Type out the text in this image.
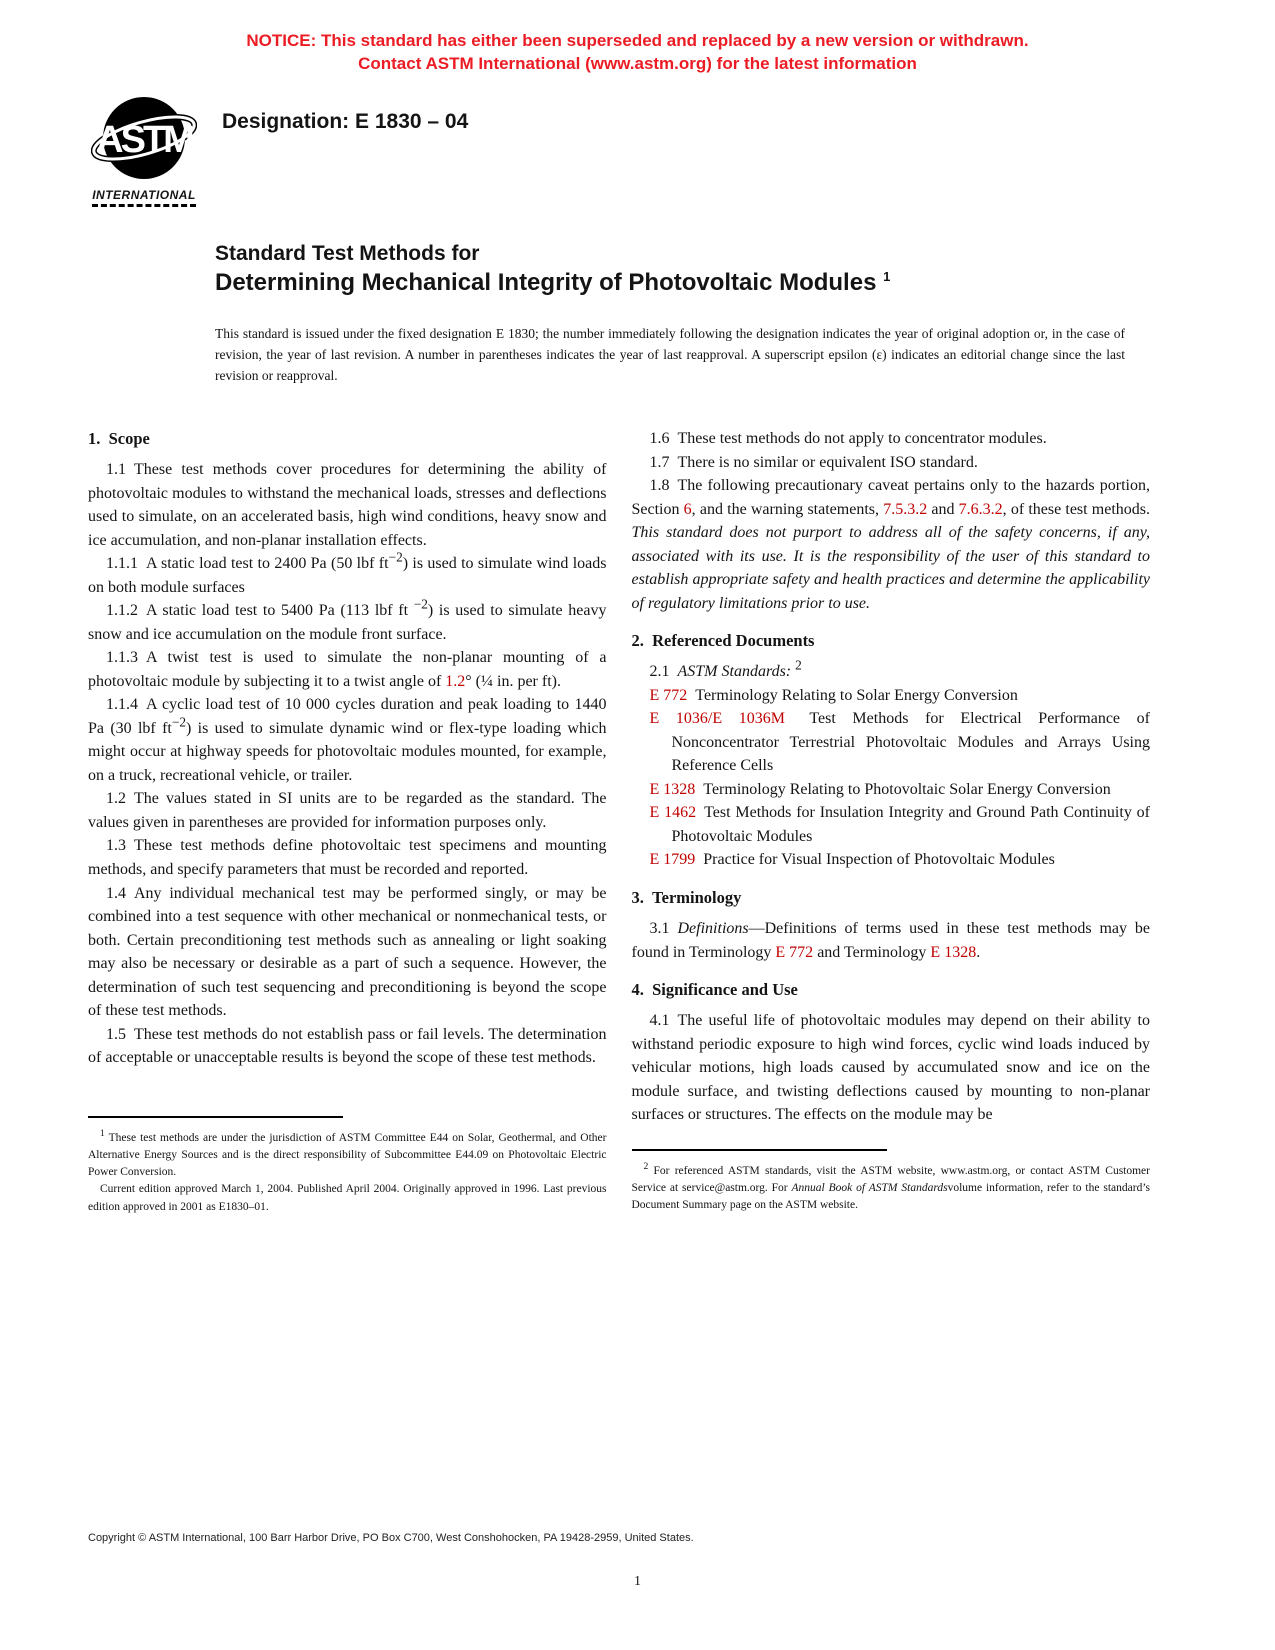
NOTICE: This standard has either been superseded and replaced by a new version or withdrawn.
Contact ASTM International (www.astm.org) for the latest information
ASTM
INTERNATIONAL
Designation: E 1830 – 04
Standard Test Methods for
Determining Mechanical Integrity of Photovoltaic Modules $^1$
This standard is issued under the fixed designation E 1830; the number immediately following the designation indicates the year of original adoption or, in the case of revision, the year of last revision. A number in parentheses indicates the year of last reapproval. A superscript epsilon (ε) indicates an editorial change since the last revision or reapproval.
1. Scope

1.1 These test methods cover procedures for determining the ability of photovoltaic modules to withstand the mechanical loads, stresses and deflections used to simulate, on an accelerated basis, high wind conditions, heavy snow and ice accumulation, and non-planar installation effects.

1.1.1 A static load test to 2400 Pa (50 lbf $ft^{-2}$) is used to simulate wind loads on both module surfaces

1.1.2 A static load test to 5400 Pa (113 lbf ft $^{-2}$) is used to simulate heavy snow and ice accumulation on the module front surface.

1.1.3 A twist test is used to simulate the non-planar mounting of a photovoltaic module by subjecting it to a twist angle of 1.2° (¼ in. per ft).

1.1.4 A cyclic load test of 10 000 cycles duration and peak loading to 1440 Pa (30 lbf $ft^{-2}$) is used to simulate dynamic wind or flex-type loading which might occur at highway speeds for photovoltaic modules mounted, for example, on a truck, recreational vehicle, or trailer.

1.2 The values stated in SI units are to be regarded as the standard. The values given in parentheses are provided for information purposes only.

1.3 These test methods define photovoltaic test specimens and mounting methods, and specify parameters that must be recorded and reported.

1.4 Any individual mechanical test may be performed singly, or may be combined into a test sequence with other mechanical or nonmechanical tests, or both. Certain preconditioning test methods such as annealing or light soaking may also be necessary or desirable as a part of such a sequence. However, the determination of such test sequencing and preconditioning is beyond the scope of these test methods.

1.5 These test methods do not establish pass or fail levels. The determination of acceptable or unacceptable results is beyond the scope of these test methods.

$^1$ These test methods are under the jurisdiction of ASTM Committee E44 on Solar, Geothermal, and Other Alternative Energy Sources and is the direct responsibility of Subcommittee E44.09 on Photovoltaic Electric Power Conversion.

Current edition approved March 1, 2004. Published April 2004. Originally approved in 1996. Last previous edition approved in 2001 as E1830–01.

1.6 These test methods do not apply to concentrator modules.

1.7 There is no similar or equivalent ISO standard.

1.8 The following precautionary caveat pertains only to the hazards portion, Section 6, and the warning statements, 7.5.3.2 and 7.6.3.2, of these test methods. This standard does not purport to address all of the safety concerns, if any, associated with its use. It is the responsibility of the user of this standard to establish appropriate safety and health practices and determine the applicability of regulatory limitations prior to use.

2. Referenced Documents

2.1 ASTM Standards: $^2$

E 772 Terminology Relating to Solar Energy Conversion

E 1036/E 1036M  Test Methods for Electrical Performance of Nonconcentrator Terrestrial Photovoltaic Modules and Arrays Using Reference Cells

E 1328 Terminology Relating to Photovoltaic Solar Energy Conversion

E 1462 Test Methods for Insulation Integrity and Ground Path Continuity of Photovoltaic Modules

E 1799 Practice for Visual Inspection of Photovoltaic Modules

3. Terminology

3.1 Definitions—Definitions of terms used in these test methods may be found in Terminology E 772 and Terminology E 1328.

4. Significance and Use

4.1 The useful life of photovoltaic modules may depend on their ability to withstand periodic exposure to high wind forces, cyclic wind loads induced by vehicular motions, high loads caused by accumulated snow and ice on the module surface, and twisting deflections caused by mounting to non-planar surfaces or structures. The effects on the module may be

$^2$ For referenced ASTM standards, visit the ASTM website, www.astm.org, or contact ASTM Customer Service at service@astm.org. For Annual Book of ASTM Standardsvolume information, refer to the standard’s Document Summary page on the ASTM website.

Copyright © ASTM International, 100 Barr Harbor Drive, PO Box C700, West Conshohocken, PA 19428-2959, United States.
1
